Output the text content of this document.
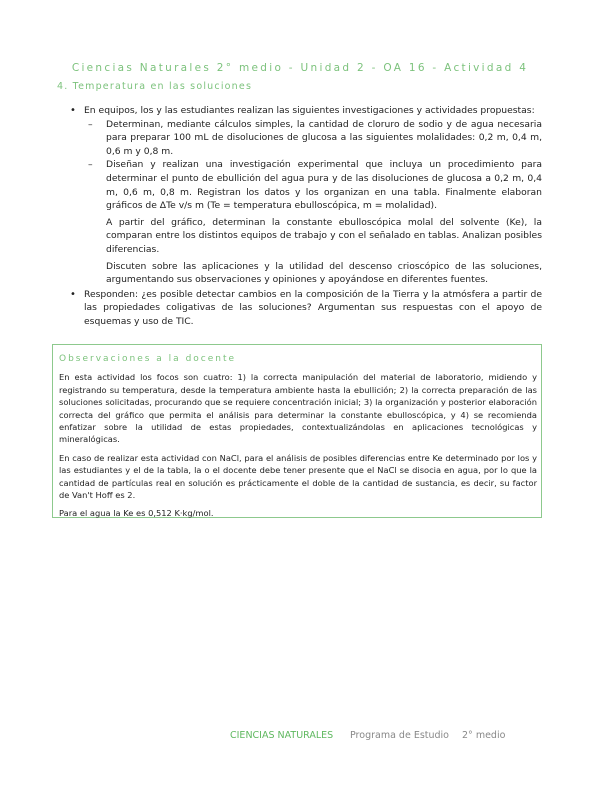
Ciencias Naturales 2° medio - Unidad 2 - OA 16 - Actividad 4
4. Temperatura en las soluciones
• En equipos, los y las estudiantes realizan las siguientes investigaciones y actividades propuestas:
– Determinan, mediante cálculos simples, la cantidad de cloruro de sodio y de agua necesaria para preparar 100 mL de disoluciones de glucosa a las siguientes molalidades: 0,2 m, 0,4 m, 0,6 m y 0,8 m.
– Diseñan y realizan una investigación experimental que incluya un procedimiento para determinar el punto de ebullición del agua pura y de las disoluciones de glucosa a 0,2 m, 0,4 m, 0,6 m, 0,8 m. Registran los datos y los organizan en una tabla. Finalmente elaboran gráficos de ΔTe v/s m (Te = temperatura ebulloscópica, m = molalidad).

A partir del gráfico, determinan la constante ebulloscópica molal del solvente (Ke), la comparan entre los distintos equipos de trabajo y con el señalado en tablas. Analizan posibles diferencias.

Discuten sobre las aplicaciones y la utilidad del descenso crioscópico de las soluciones, argumentando sus observaciones y opiniones y apoyándose en diferentes fuentes.

• Responden: ¿es posible detectar cambios en la composición de la Tierra y la atmósfera a partir de las propiedades coligativas de las soluciones? Argumentan sus respuestas con el apoyo de esquemas y uso de TIC.
Observaciones a la docente

En esta actividad los focos son cuatro: 1) la correcta manipulación del material de laboratorio, midiendo y registrando su temperatura, desde la temperatura ambiente hasta la ebullición; 2) la correcta preparación de las soluciones solicitadas, procurando que se requiere concentración inicial; 3) la organización y posterior elaboración correcta del gráfico que permita el análisis para determinar la constante ebulloscópica, y 4) se recomienda enfatizar sobre la utilidad de estas propiedades, contextualizándolas en aplicaciones tecnológicas y mineralógicas.

En caso de realizar esta actividad con NaCl, para el análisis de posibles diferencias entre Ke determinado por los y las estudiantes y el de la tabla, la o el docente debe tener presente que el NaCl se disocia en agua, por lo que la cantidad de partículas real en solución es prácticamente el doble de la cantidad de sustancia, es decir, su factor de Van't Hoff es 2.

Para el agua la Ke es 0,512 K·kg/mol.

CIENCIAS NATURALES Programa de Estudio 2° medio
